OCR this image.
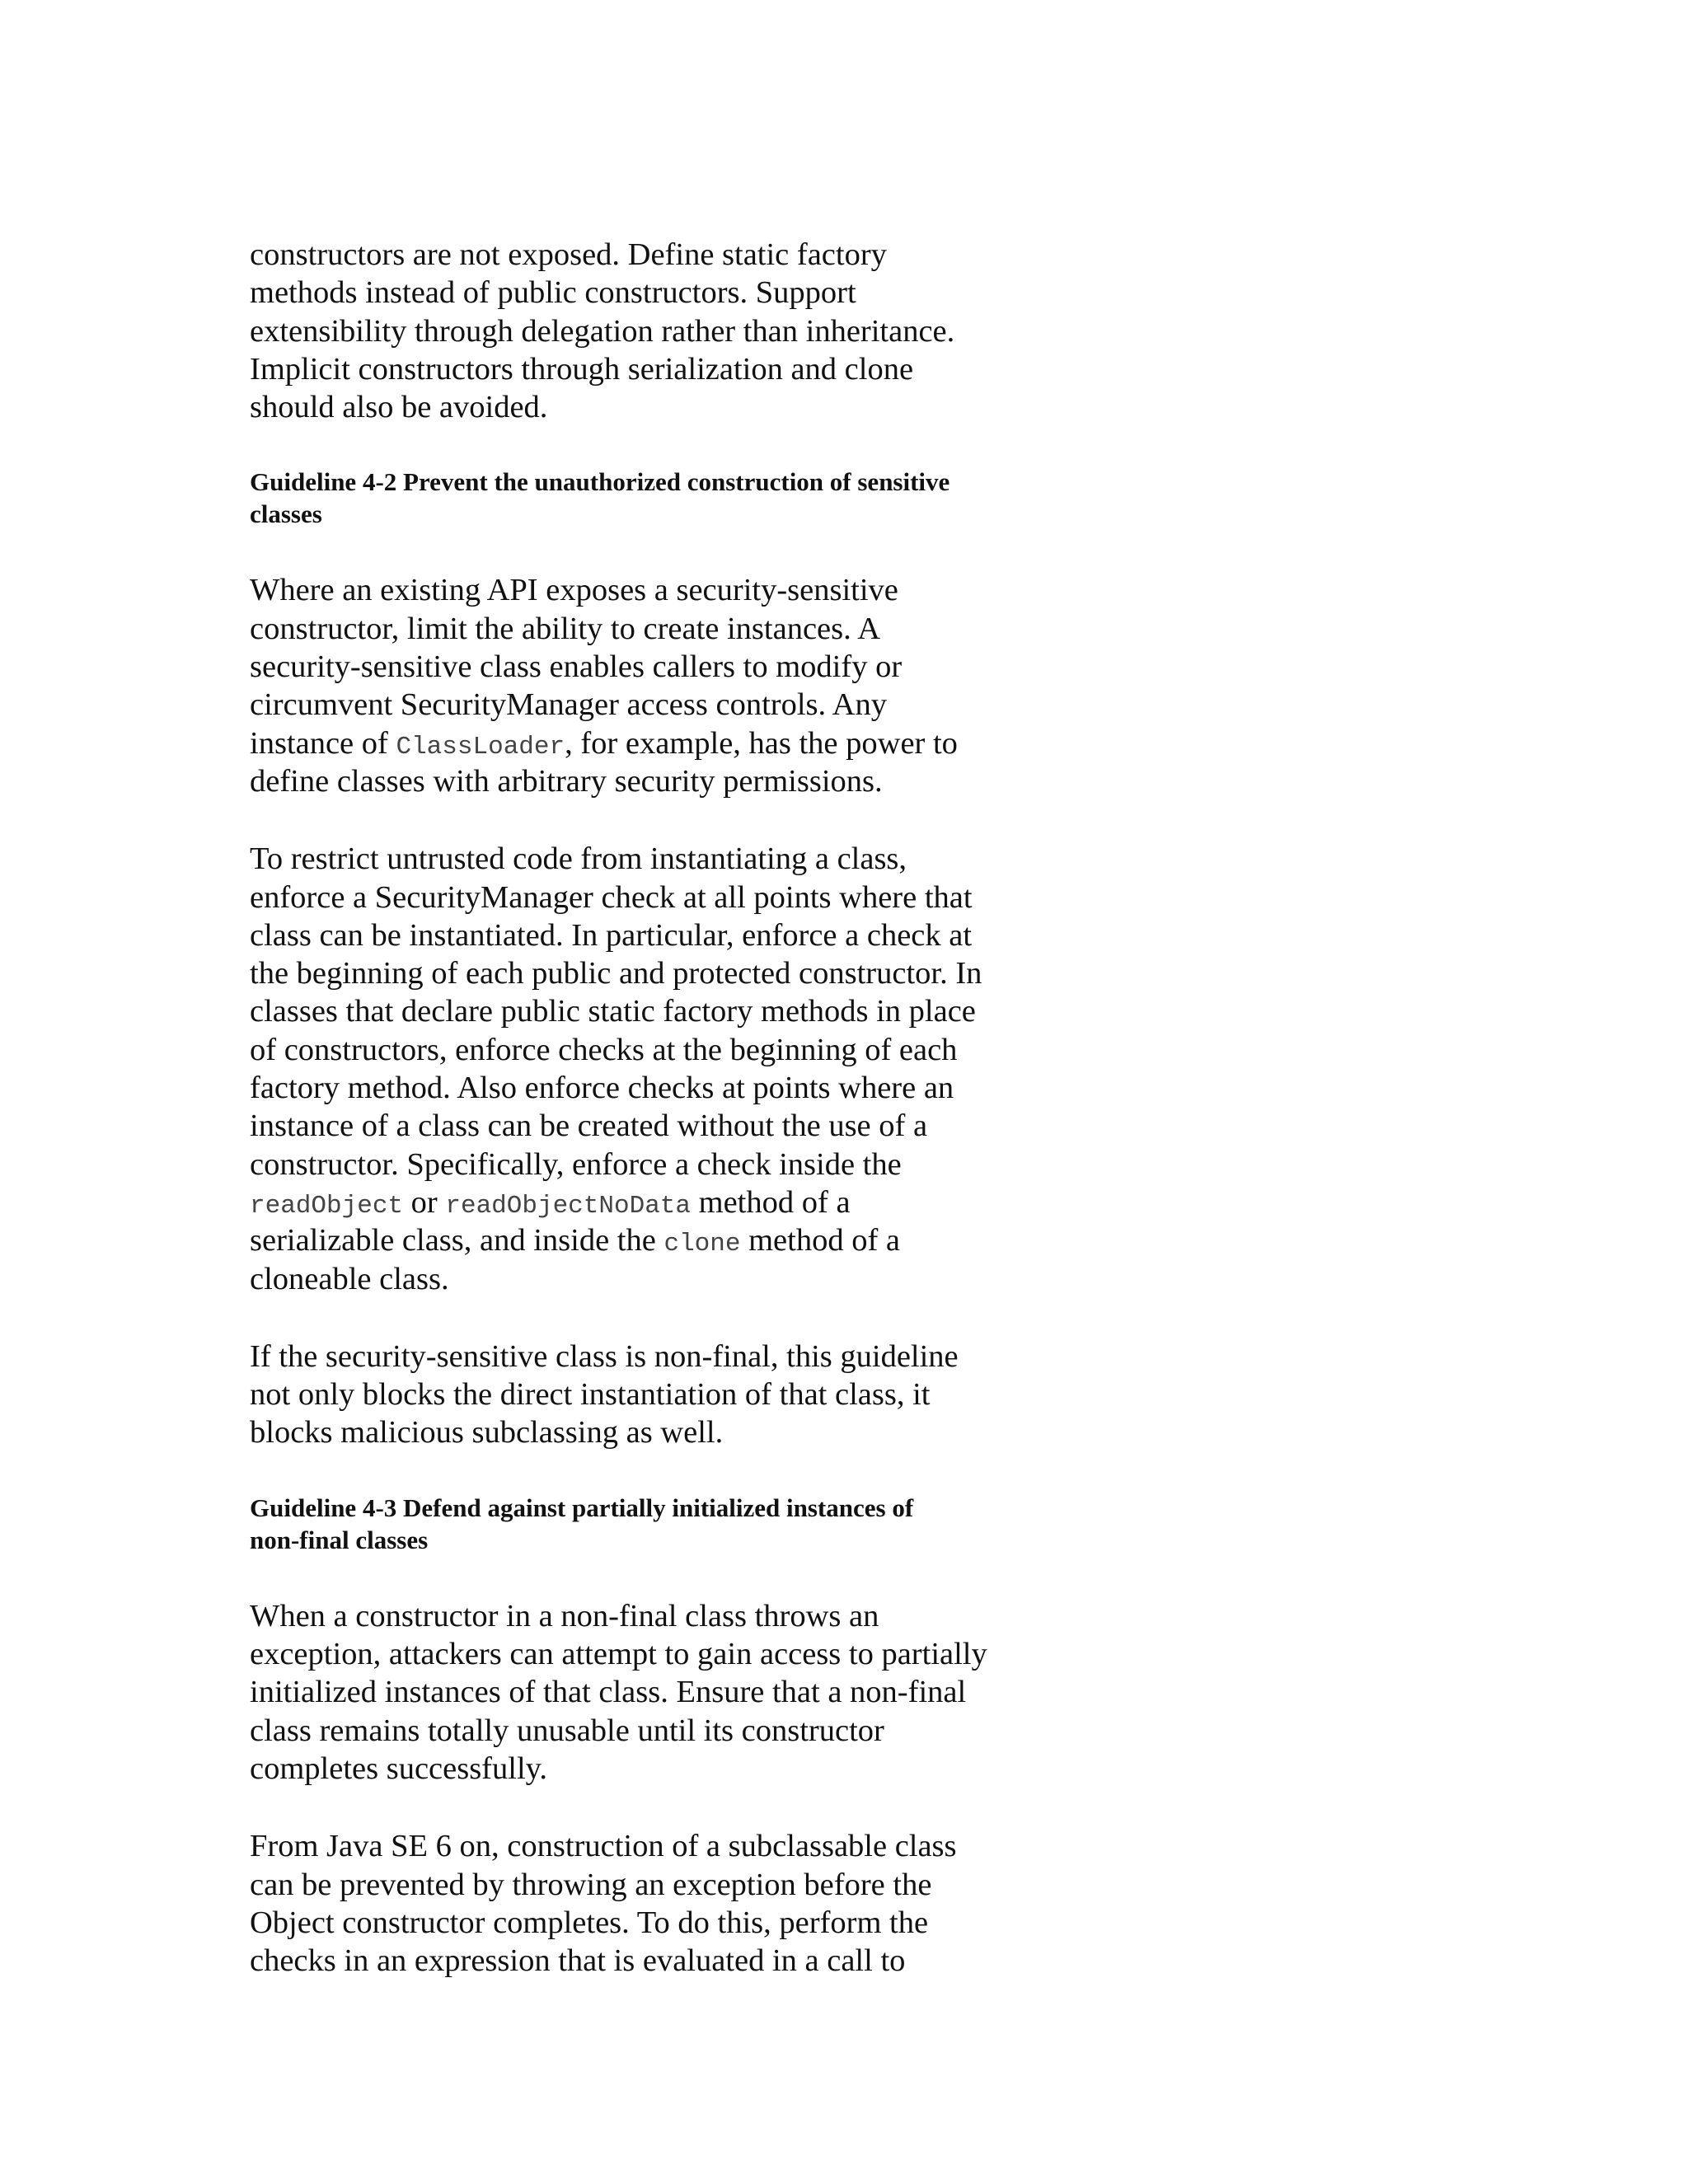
constructors are not exposed. Define static factory
methods instead of public constructors. Support
extensibility through delegation rather than inheritance.
Implicit constructors through serialization and clone
should also be avoided.

Guideline 4-2 Prevent the unauthorized construction of sensitive
classes

Where an existing API exposes a security-sensitive
constructor, limit the ability to create instances. A
security-sensitive class enables callers to modify or
circumvent SecurityManager access controls. Any
instance of ClassLoader, for example, has the power to
define classes with arbitrary security permissions.

To restrict untrusted code from instantiating a class,
enforce a SecurityManager check at all points where that
class can be instantiated. In particular, enforce a check at
the beginning of each public and protected constructor. In
classes that declare public static factory methods in place
of constructors, enforce checks at the beginning of each
factory method. Also enforce checks at points where an
instance of a class can be created without the use of a
constructor. Specifically, enforce a check inside the
readObject or readObjectNoData method of a
serializable class, and inside the clone method of a
cloneable class.

If the security-sensitive class is non-final, this guideline
not only blocks the direct instantiation of that class, it
blocks malicious subclassing as well.

Guideline 4-3 Defend against partially initialized instances of
non-final classes

When a constructor in a non-final class throws an
exception, attackers can attempt to gain access to partially
initialized instances of that class. Ensure that a non-final
class remains totally unusable until its constructor
completes successfully.

From Java SE 6 on, construction of a subclassable class
can be prevented by throwing an exception before the
Object constructor completes. To do this, perform the
checks in an expression that is evaluated in a call to
